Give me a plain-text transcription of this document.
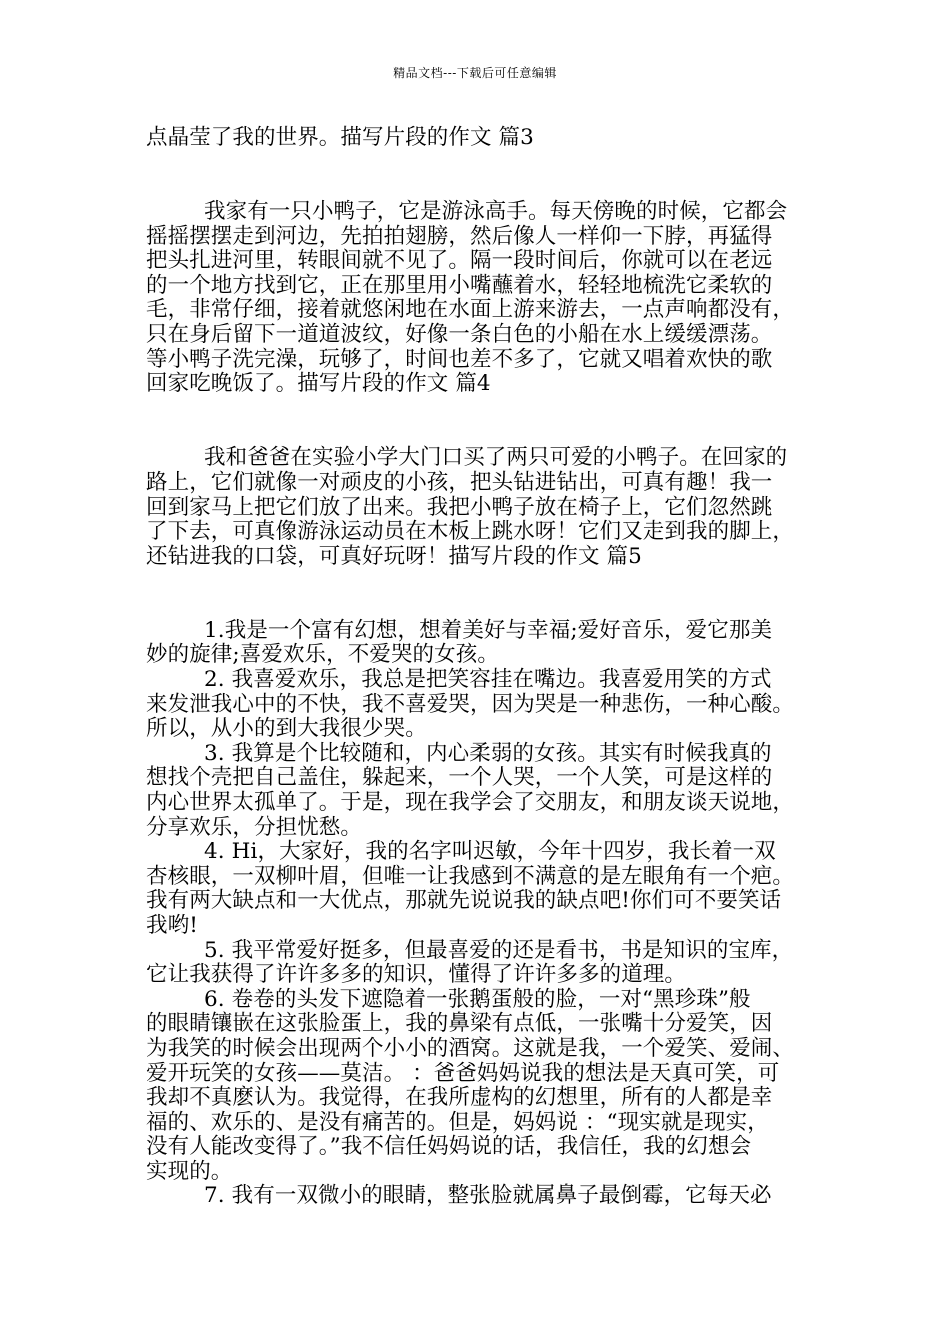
精品文档---下载后可任意编辑
点晶莹了我的世界。描写片段的作文 篇3
我家有一只小鸭子，它是游泳高手。每天傍晚的时候，它都会
摇摇摆摆走到河边，先拍拍翅膀，然后像人一样仰一下脖，再猛得
把头扎进河里，转眼间就不见了。隔一段时间后，你就可以在老远
的一个地方找到它，正在那里用小嘴蘸着水，轻轻地梳洗它柔软的
毛，非常仔细，接着就悠闲地在水面上游来游去，一点声响都没有，
只在身后留下一道道波纹，好像一条白色的小船在水上缓缓漂荡。
等小鸭子洗完澡，玩够了，时间也差不多了，它就又唱着欢快的歌
回家吃晚饭了。描写片段的作文 篇4
我和爸爸在实验小学大门口买了两只可爱的小鸭子。在回家的
路上，它们就像一对顽皮的小孩，把头钻进钻出，可真有趣！我一
回到家马上把它们放了出来。我把小鸭子放在椅子上，它们忽然跳
了下去，可真像游泳运动员在木板上跳水呀！它们又走到我的脚上，
还钻进我的口袋，可真好玩呀！描写片段的作文 篇5
1.我是一个富有幻想，想着美好与幸福;爱好音乐，爱它那美
妙的旋律;喜爱欢乐，不爱哭的女孩。
2. 我喜爱欢乐，我总是把笑容挂在嘴边。我喜爱用笑的方式
来发泄我心中的不快，我不喜爱哭，因为哭是一种悲伤，一种心酸。
所以，从小的到大我很少哭。
3. 我算是个比较随和，内心柔弱的女孩。其实有时候我真的
想找个壳把自己盖住，躲起来，一个人哭，一个人笑，可是这样的
内心世界太孤单了。于是，现在我学会了交朋友，和朋友谈天说地，
分享欢乐，分担忧愁。
4. Hi，大家好，我的名字叫迟敏，今年十四岁，我长着一双
杏核眼，一双柳叶眉，但唯一让我感到不满意的是左眼角有一个疤。
我有两大缺点和一大优点，那就先说说我的缺点吧!你们可不要笑话
我哟!
5. 我平常爱好挺多，但最喜爱的还是看书，书是知识的宝库，
它让我获得了许许多多的知识，懂得了许许多多的道理。
6. 卷卷的头发下遮隐着一张鹅蛋般的脸，一对“黑珍珠”般
的眼睛镶嵌在这张脸蛋上，我的鼻梁有点低，一张嘴十分爱笑，因
为我笑的时候会出现两个小小的酒窝。这就是我，一个爱笑、爱闹、
爱开玩笑的女孩——莫洁。 ：爸爸妈妈说我的想法是天真可笑，可
我却不真麽认为。我觉得，在我所虚构的幻想里，所有的人都是幸
福的、欢乐的、是没有痛苦的。但是，妈妈说 ：“现实就是现实，
没有人能改变得了。”我不信任妈妈说的话，我信任，我的幻想会
实现的。
7. 我有一双微小的眼睛，整张脸就属鼻子最倒霉，它每天必
